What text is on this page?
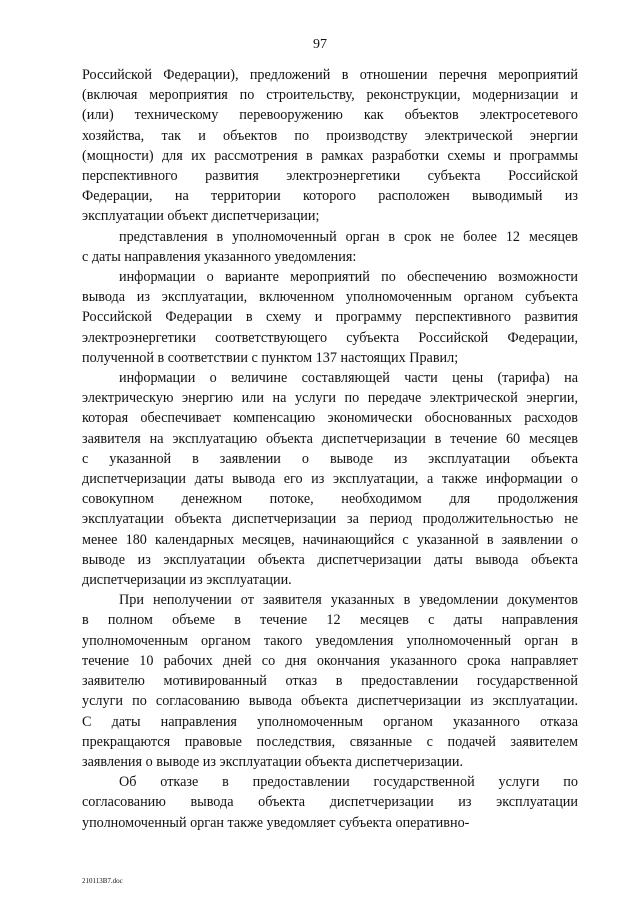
97
Российской Федерации), предложений в отношении перечня мероприятий
(включая мероприятия по строительству, реконструкции, модернизации и
(или) техническому перевооружению как объектов электросетевого
хозяйства, так и объектов по производству электрической энергии
(мощности) для их рассмотрения в рамках разработки схемы и программы
перспективного развития электроэнергетики субъекта Российской
Федерации, на территории которого расположен выводимый из
эксплуатации объект диспетчеризации;
представления в уполномоченный орган в срок не более 12 месяцев
с даты направления указанного уведомления:
информации о варианте мероприятий по обеспечению возможности
вывода из эксплуатации, включенном уполномоченным органом субъекта
Российской Федерации в схему и программу перспективного развития
электроэнергетики соответствующего субъекта Российской Федерации,
полученной в соответствии с пунктом 137 настоящих Правил;
информации о величине составляющей части цены (тарифа) на
электрическую энергию или на услуги по передаче электрической энергии,
которая обеспечивает компенсацию экономически обоснованных расходов
заявителя на эксплуатацию объекта диспетчеризации в течение 60 месяцев
с указанной в заявлении о выводе из эксплуатации объекта
диспетчеризации даты вывода его из эксплуатации, а также информации о
совокупном денежном потоке, необходимом для продолжения
эксплуатации объекта диспетчеризации за период продолжительностью не
менее 180 календарных месяцев, начинающийся с указанной в заявлении о
выводе из эксплуатации объекта диспетчеризации даты вывода объекта
диспетчеризации из эксплуатации.
При неполучении от заявителя указанных в уведомлении документов
в полном объеме в течение 12 месяцев с даты направления
уполномоченным органом такого уведомления уполномоченный орган в
течение 10 рабочих дней со дня окончания указанного срока направляет
заявителю мотивированный отказ в предоставлении государственной
услуги по согласованию вывода объекта диспетчеризации из эксплуатации.
С даты направления уполномоченным органом указанного отказа
прекращаются правовые последствия, связанные с подачей заявителем
заявления о выводе из эксплуатации объекта диспетчеризации.
Об отказе в предоставлении государственной услуги по
согласованию вывода объекта диспетчеризации из эксплуатации
уполномоченный орган также уведомляет субъекта оперативно-
210113B7.doc
